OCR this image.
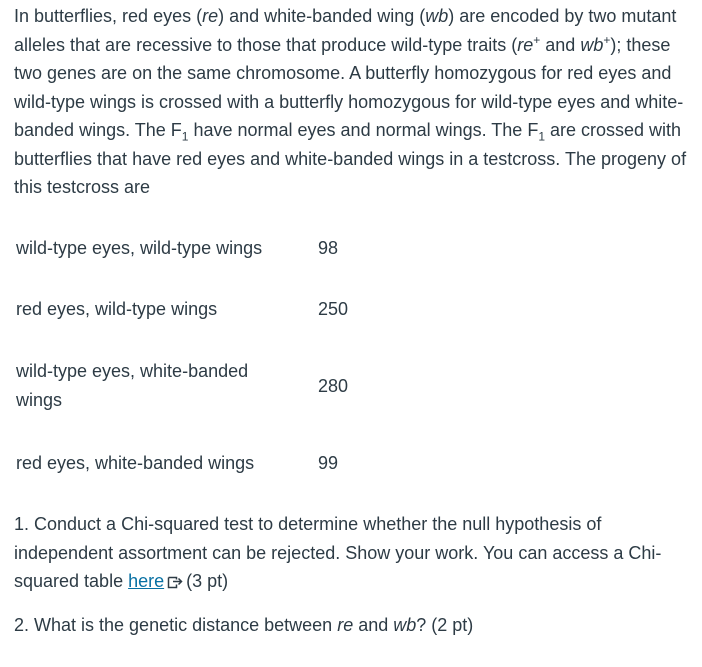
In butterflies, red eyes (re) and white-banded wing (wb) are encoded by two mutant alleles that are recessive to those that produce wild-type traits (re+ and wb+); these two genes are on the same chromosome. A butterfly homozygous for red eyes and wild-type wings is crossed with a butterfly homozygous for wild-type eyes and white-banded wings. The $F_1$ have normal eyes and normal wings. The $F_1$ are crossed with butterflies that have red eyes and white-banded wings in a testcross. The progeny of this testcross are

wild-type eyes, wild-type wings	98
red eyes, wild-type wings	250
wild-type eyes, white-banded wings	280
red eyes, white-banded wings	99

1. Conduct a Chi-squared test to determine whether the null hypothesis of independent assortment can be rejected. Show your work. You can access a Chi-squared table here (3 pt)

2. What is the genetic distance between re and wb? (2 pt)
